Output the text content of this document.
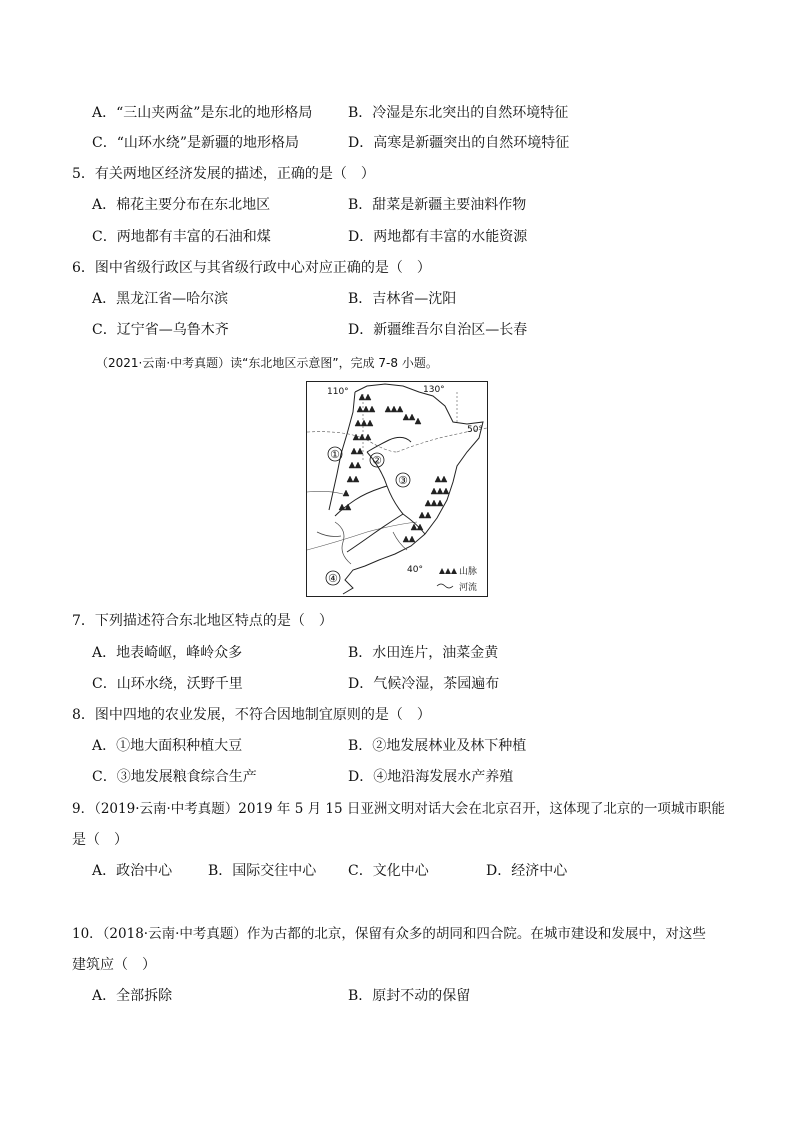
A．“三山夹两盆”是东北的地形格局	B．冷湿是东北突出的自然环境特征
C．“山环水绕”是新疆的地形格局	D．高寒是新疆突出的自然环境特征
5．有关两地区经济发展的描述，正确的是（　）
A．棉花主要分布在东北地区	B．甜菜是新疆主要油料作物
C．两地都有丰富的石油和煤	D．两地都有丰富的水能资源
6．图中省级行政区与其省级行政中心对应正确的是（　）
A．黑龙江省—哈尔滨	B．吉林省—沈阳
C．辽宁省—乌鲁木齐	D．新疆维吾尔自治区—长春
（2021·云南·中考真题）读“东北地区示意图”，完成 7-8 小题。
①	②
③
④
110°	130°
50°
40°	山脉
河流
7．下列描述符合东北地区特点的是（　）
A．地表崎岖，峰岭众多	B．水田连片，油菜金黄
C．山环水绕，沃野千里	D．气候冷湿，茶园遍布
8．图中四地的农业发展，不符合因地制宜原则的是（　）
A．①地大面积种植大豆	B．②地发展林业及林下种植
C．③地发展粮食综合生产	D．④地沿海发展水产养殖
9．（2019·云南·中考真题）2019 年 5 月 15 日亚洲文明对话大会在北京召开，这体现了北京的一项城市职能
是（　）
A．政治中心	B．国际交往中心 C．文化中心	D．经济中心
10．（2018·云南·中考真题）作为古都的北京，保留有众多的胡同和四合院。在城市建设和发展中，对这些
建筑应（　）
A．全部拆除	B．原封不动的保留
